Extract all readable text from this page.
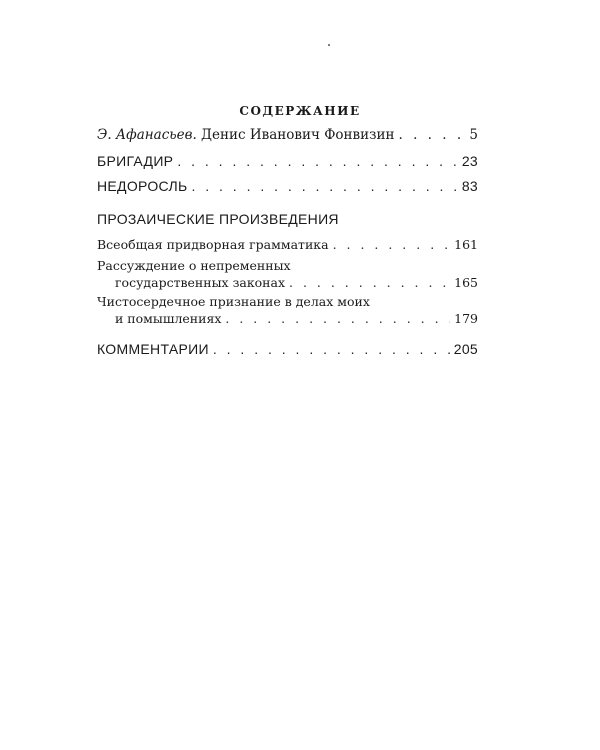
СОДЕРЖАНИЕ
Э. Афанасьев. Денис Иванович Фонвизин . . .	5
БРИГАДИР . . .	23
НЕДОРОСЛЬ . . .	83
ПРОЗАИЧЕСКИЕ ПРОИЗВЕДЕНИЯ
Всеобщая придворная грамматика . . .	161
Рассуждение о непременных
государственных законах . . .	165
Чистосердечное признание в делах моих
и помышлениях . . .	179
КОММЕНТАРИИ . . .	205
